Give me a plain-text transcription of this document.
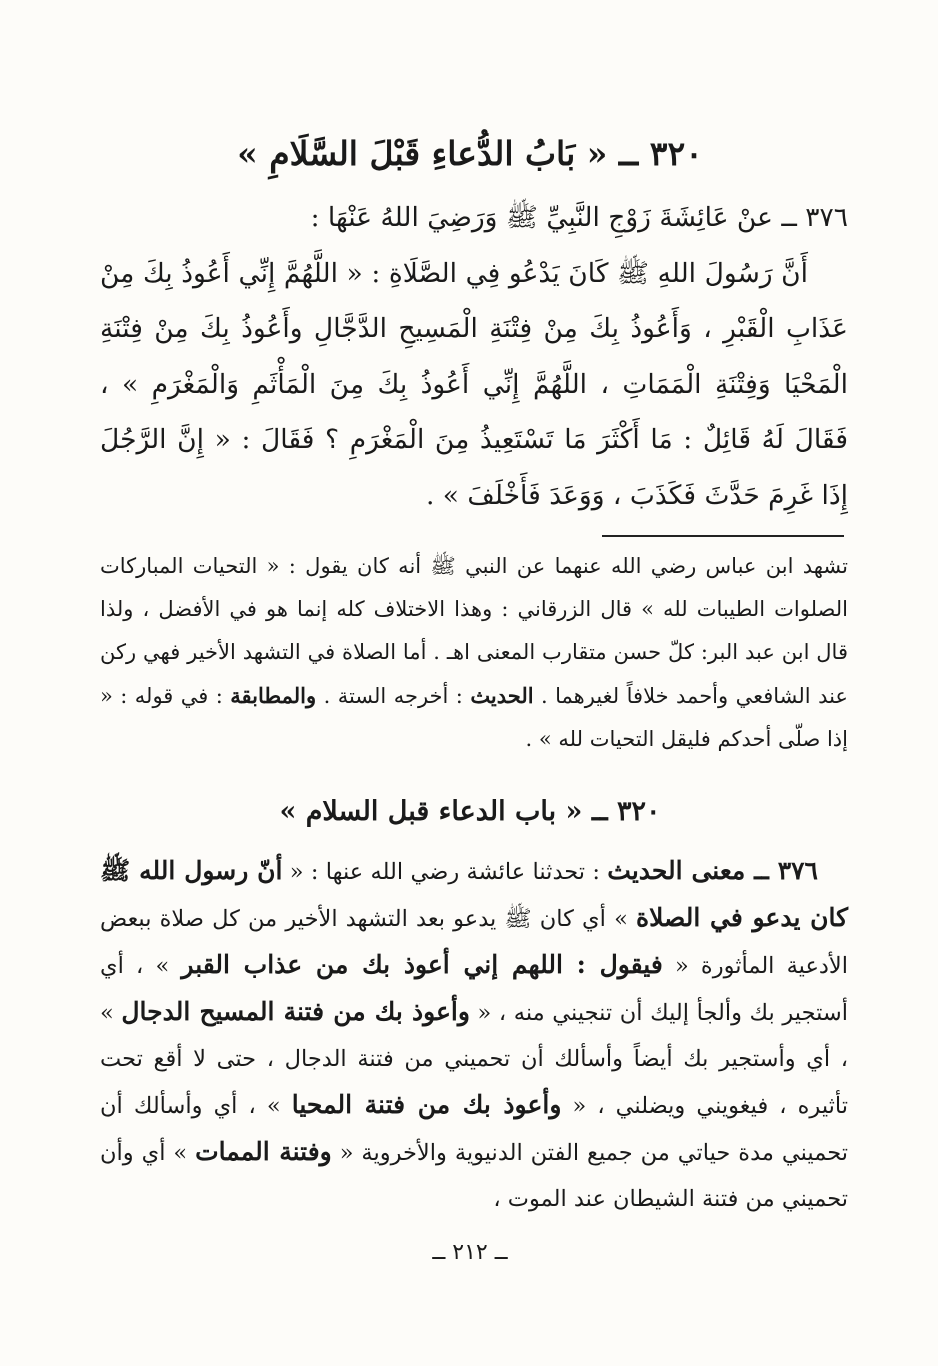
٣٢٠ ــ « بَابُ الدُّعاءِ قَبْلَ السَّلَامِ »

٣٧٦ ــ عنْ عَائِشَةَ زَوْجِ النَّبِيِّ ﷺ وَرَضِيَ اللهُ عَنْهَا :

أَنَّ رَسُولَ اللهِ ﷺ كَانَ يَدْعُو فِي الصَّلَاةِ : « اللَّهُمَّ إِنِّي أَعُوذُ بِكَ مِنْ عَذَابِ الْقَبْرِ ، وَأَعُوذُ بِكَ مِنْ فِتْنَةِ الْمَسِيحِ الدَّجَّالِ وأَعُوذُ بِكَ مِنْ فِتْنَةِ الْمَحْيَا وَفِتْنَةِ الْمَمَاتِ ، اللَّهُمَّ إِنِّي أَعُوذُ بِكَ مِنَ الْمَأْثَمِ وَالْمَغْرَمِ » ، فَقَالَ لَهُ قَائِلٌ : مَا أَكْثَرَ مَا تَسْتَعِيذُ مِنَ الْمَغْرَمِ ؟ فَقَالَ : « إِنَّ الرَّجُلَ إِذَا غَرِمَ حَدَّثَ فَكَذَبَ ، وَوَعَدَ فَأَخْلَفَ » .

تشهد ابن عباس رضي الله عنهما عن النبي ﷺ أنه كان يقول : « التحيات المباركات الصلوات الطيبات لله » قال الزرقاني : وهذا الاختلاف كله إنما هو في الأفضل ، ولذا قال ابن عبد البر: كلّ حسن متقارب المعنى اهـ . أما الصلاة في التشهد الأخير فهي ركن عند الشافعي وأحمد خلافاً لغيرهما . الحديث : أخرجه الستة . والمطابقة : في قوله : « إذا صلّى أحدكم فليقل التحيات لله » .

٣٢٠ ــ « باب الدعاء قبل السلام »

٣٧٦ ــ معنى الحديث : تحدثنا عائشة رضي الله عنها : « أنّ رسول الله ﷺ كان يدعو في الصلاة » أي كان ﷺ يدعو بعد التشهد الأخير من كل صلاة ببعض الأدعية المأثورة « فيقول : اللهم إني أعوذ بك من عذاب القبر » ، أي أستجير بك وألجأ إليك أن تنجيني منه ، « وأعوذ بك من فتنة المسيح الدجال » ، أي وأستجير بك أيضاً وأسألك أن تحميني من فتنة الدجال ، حتى لا أقع تحت تأثيره ، فيغويني ويضلني ، « وأعوذ بك من فتنة المحيا » ، أي وأسألك أن تحميني مدة حياتي من جميع الفتن الدنيوية والأخروية « وفتنة الممات » أي وأن تحميني من فتنة الشيطان عند الموت ،

ــ ٢١٢ ــ
